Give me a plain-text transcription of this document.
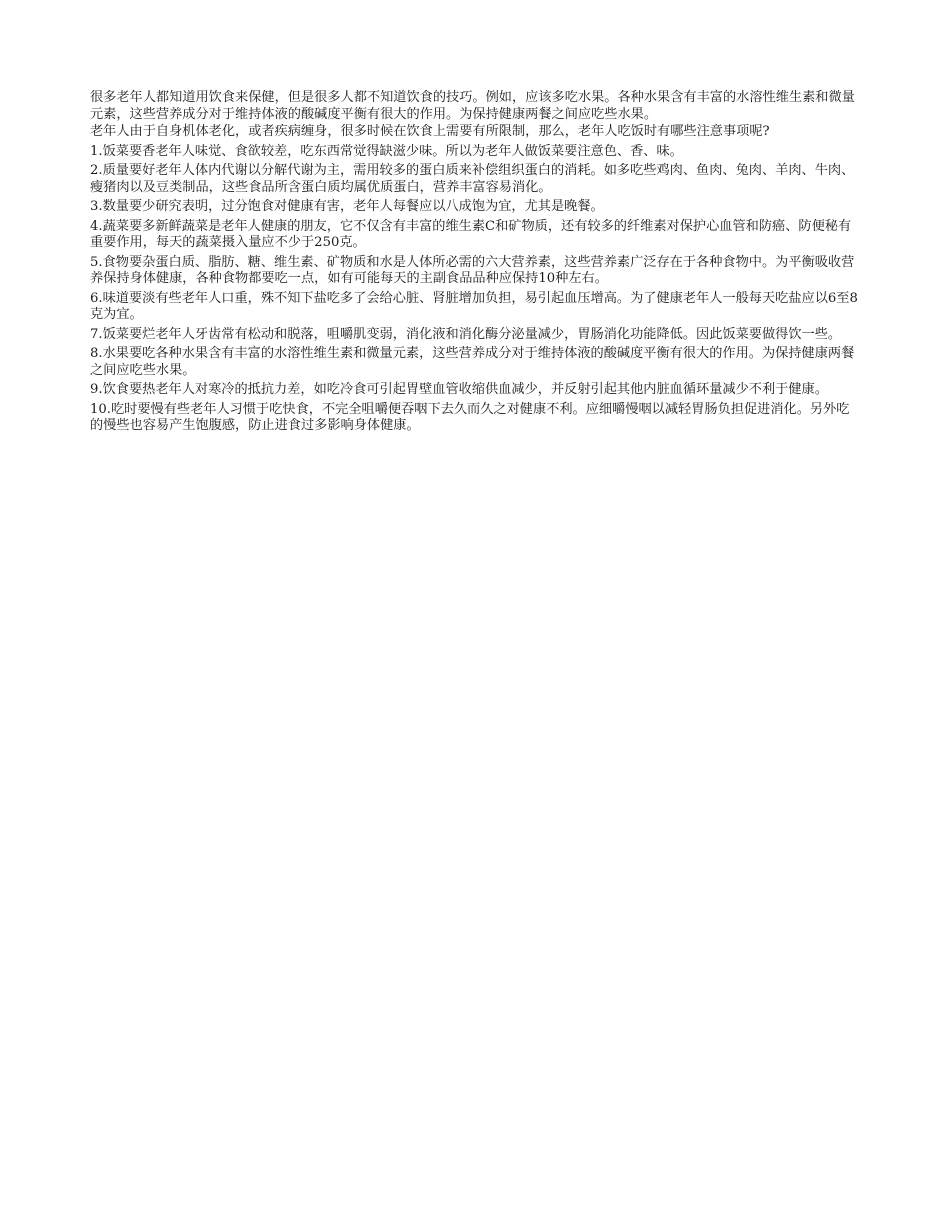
很多老年人都知道用饮食来保健，但是很多人都不知道饮食的技巧。例如，应该多吃水果。各种水果含有丰富的水溶性维生素和微量元素，这些营养成分对于维持体液的酸碱度平衡有很大的作用。为保持健康两餐之间应吃些水果。

老年人由于自身机体老化，或者疾病缠身，很多时候在饮食上需要有所限制，那么，老年人吃饭时有哪些注意事项呢?

1.饭菜要香老年人味觉、食欲较差，吃东西常觉得缺滋少味。所以为老年人做饭菜要注意色、香、味。

2.质量要好老年人体内代谢以分解代谢为主，需用较多的蛋白质来补偿组织蛋白的消耗。如多吃些鸡肉、鱼肉、兔肉、羊肉、牛肉、瘦猪肉以及豆类制品，这些食品所含蛋白质均属优质蛋白，营养丰富容易消化。

3.数量要少研究表明，过分饱食对健康有害，老年人每餐应以八成饱为宜，尤其是晚餐。

4.蔬菜要多新鲜蔬菜是老年人健康的朋友，它不仅含有丰富的维生素C和矿物质，还有较多的纤维素对保护心血管和防癌、防便秘有重要作用，每天的蔬菜摄入量应不少于250克。

5.食物要杂蛋白质、脂肪、糖、维生素、矿物质和水是人体所必需的六大营养素，这些营养素广泛存在于各种食物中。为平衡吸收营养保持身体健康，各种食物都要吃一点，如有可能每天的主副食品品种应保持10种左右。

6.味道要淡有些老年人口重，殊不知下盐吃多了会给心脏、肾脏增加负担，易引起血压增高。为了健康老年人一般每天吃盐应以6至8克为宜。

7.饭菜要烂老年人牙齿常有松动和脱落，咀嚼肌变弱，消化液和消化酶分泌量减少，胃肠消化功能降低。因此饭菜要做得饮一些。

8.水果要吃各种水果含有丰富的水溶性维生素和微量元素，这些营养成分对于维持体液的酸碱度平衡有很大的作用。为保持健康两餐之间应吃些水果。

9.饮食要热老年人对寒冷的抵抗力差，如吃冷食可引起胃壁血管收缩供血减少，并反射引起其他内脏血循环量减少不利于健康。

10.吃时要慢有些老年人习惯于吃快食，不完全咀嚼便吞咽下去久而久之对健康不利。应细嚼慢咽以减轻胃肠负担促进消化。另外吃的慢些也容易产生饱腹感，防止进食过多影响身体健康。
